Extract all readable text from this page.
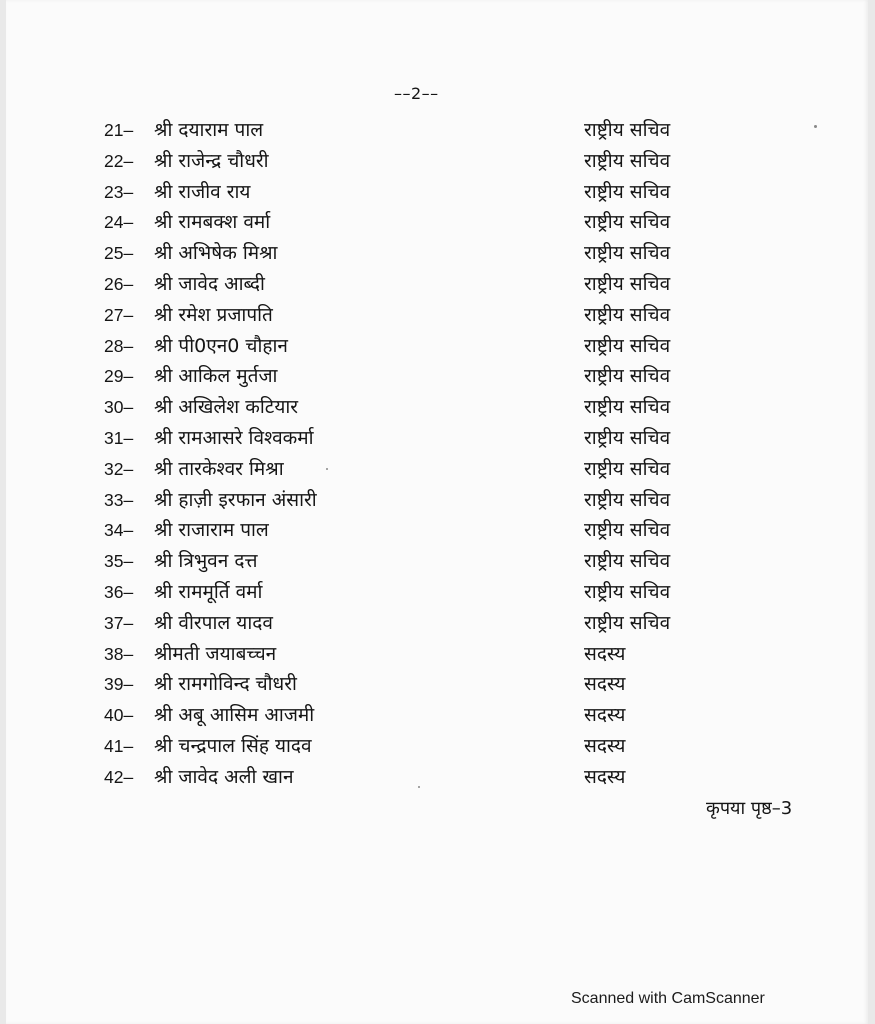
––2––
21–	श्री दयाराम पाल	राष्ट्रीय सचिव
22–	श्री राजेन्द्र चौधरी	राष्ट्रीय सचिव
23–	श्री राजीव राय	राष्ट्रीय सचिव
24–	श्री रामबक्श वर्मा	राष्ट्रीय सचिव
25–	श्री अभिषेक मिश्रा	राष्ट्रीय सचिव
26–	श्री जावेद आब्दी	राष्ट्रीय सचिव
27–	श्री रमेश प्रजापति	राष्ट्रीय सचिव
28–	श्री पी0एन0 चौहान	राष्ट्रीय सचिव
29–	श्री आकिल मुर्तजा	राष्ट्रीय सचिव
30–	श्री अखिलेश कटियार	राष्ट्रीय सचिव
31–	श्री रामआसरे विश्वकर्मा	राष्ट्रीय सचिव
32–	श्री तारकेश्वर मिश्रा	राष्ट्रीय सचिव
33–	श्री हाज़ी इरफान अंसारी	राष्ट्रीय सचिव
34–	श्री राजाराम पाल	राष्ट्रीय सचिव
35–	श्री त्रिभुवन दत्त	राष्ट्रीय सचिव
36–	श्री राममूर्ति वर्मा	राष्ट्रीय सचिव
37–	श्री वीरपाल यादव	राष्ट्रीय सचिव
38–	श्रीमती जयाबच्चन	सदस्य
39–	श्री रामगोविन्द चौधरी	सदस्य
40–	श्री अबू आसिम आजमी	सदस्य
41–	श्री चन्द्रपाल सिंह यादव	सदस्य
42–	श्री जावेद अली खान	सदस्य
कृपया पृष्ठ–3
Scanned with CamScanner
